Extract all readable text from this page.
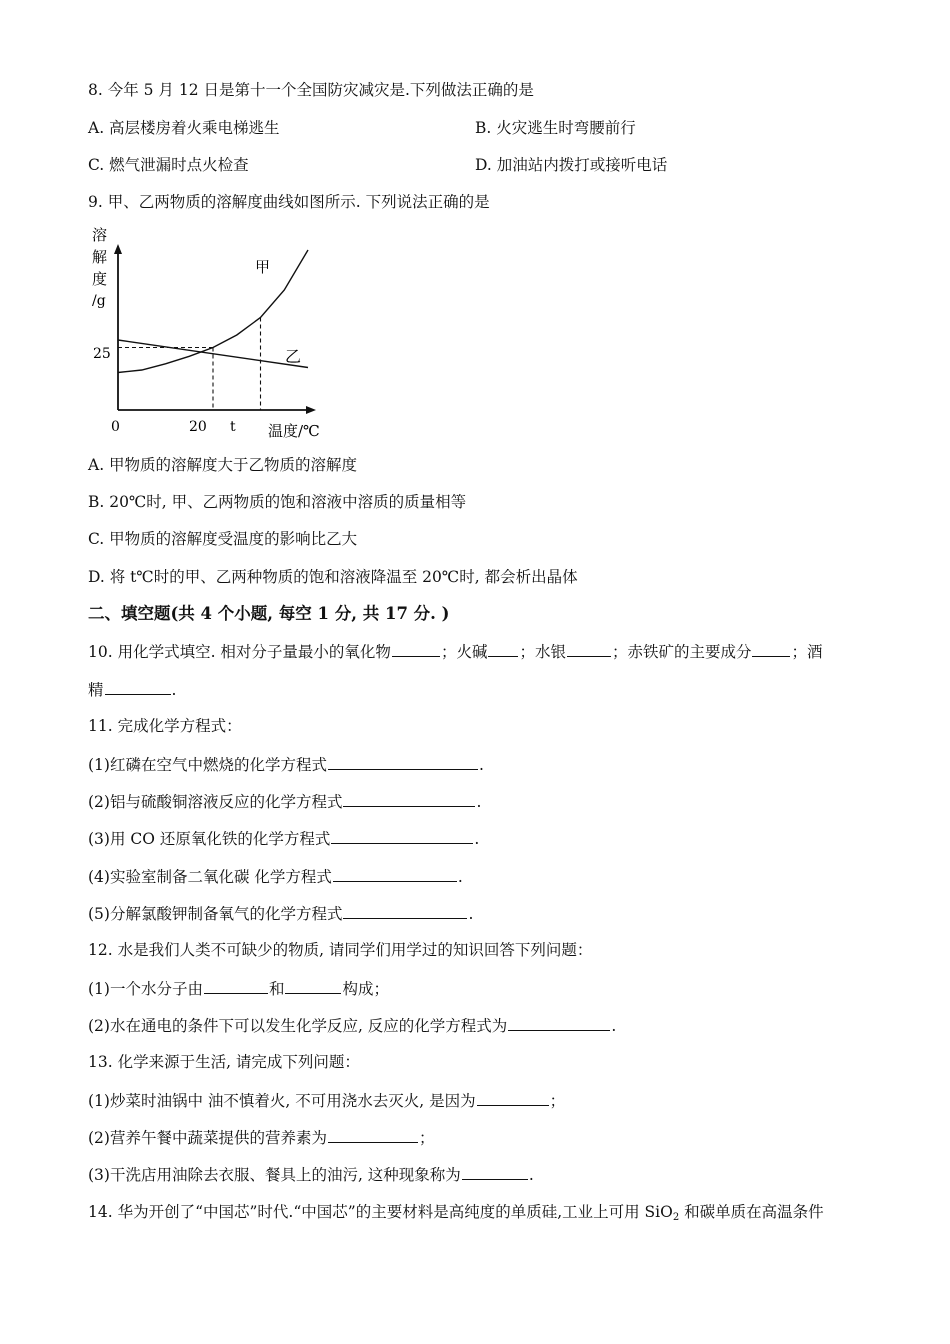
8. 今年 5 月 12 日是第十一个全国防灾减灾是.下列做法正确的是
A. 高层楼房着火乘电梯逃生	B. 火灾逃生时弯腰前行
C. 燃气泄漏时点火检查	D. 加油站内拨打或接听电话
9. 甲、乙两物质的溶解度曲线如图所示. 下列说法正确的是
溶
解
度
/g
25
0	20 t 温度/℃
甲
乙
A. 甲物质的溶解度大于乙物质的溶解度
B. 20℃时, 甲、乙两物质的饱和溶液中溶质的质量相等
C. 甲物质的溶解度受温度的影响比乙大
D. 将 t℃时的甲、乙两种物质的饱和溶液降温至 20℃时, 都会析出晶体
二、填空题(共 4 个小题, 每空 1 分, 共 17 分. )
10. 用化学式填空. 相对分子量最小的氧化物	；火碱 ；水银	；赤铁矿的主要成分	；酒
精	.
11. 完成化学方程式：
(1)红磷在空气中燃烧的化学方程式	.
(2)铝与硫酸铜溶液反应的化学方程式	.
(3)用 CO 还原氧化铁的化学方程式	.
(4)实验室制备二氧化碳 化学方程式	.
(5)分解氯酸钾制备氧气的化学方程式	.
12. 水是我们人类不可缺少的物质, 请同学们用学过的知识回答下列问题：
(1)一个水分子由	和	构成；
(2)水在通电的条件下可以发生化学反应, 反应的化学方程式为	.
13. 化学来源于生活, 请完成下列问题：
(1)炒菜时油锅中 油不慎着火, 不可用浇水去灭火, 是因为	；
(2)营养午餐中蔬菜提供的营养素为	；
(3)干洗店用油除去衣服、餐具上的油污, 这种现象称为	.
14. 华为开创了“中国芯”时代.“中国芯”的主要材料是高纯度的单质硅,工业上可用 SiO$_2$ 和碳单质在高温条件
